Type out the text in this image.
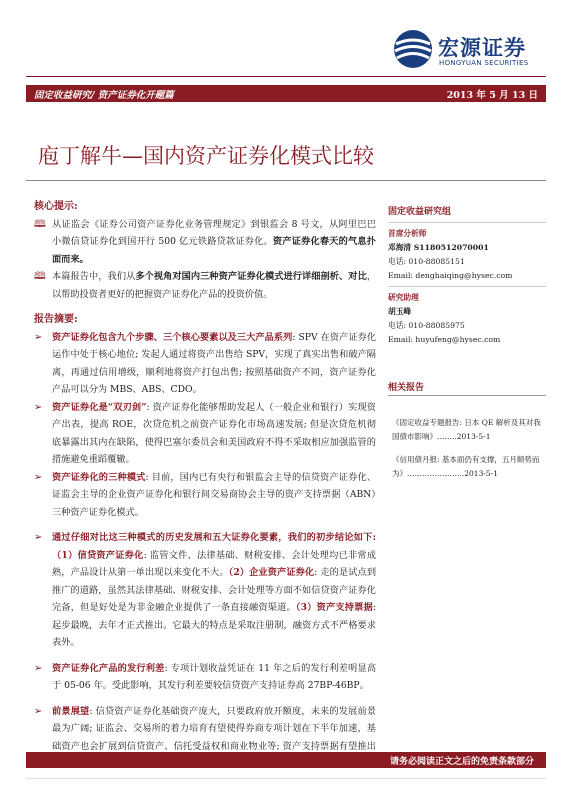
宏源证券
HONGYUAN SECURITIES
固定收益研究/ 资产证券化开题篇	2013 年 5 月 13 日
庖丁解牛—国内资产证券化模式比较
核心提示:
🕮 从证监会《证券公司资产证券化业务管理规定》到银监会 8 号文，从阿里巴巴小微信贷证券化到国开行 500 亿元铁路贷款证券化。资产证券化春天的气息扑面而来。
🕮 本篇报告中，我们从多个视角对国内三种资产证券化模式进行详细剖析、对比，以帮助投资者更好的把握资产证券化产品的投资价值。
报告摘要:
➢ 资产证券化包含九个步骤、三个核心要素以及三大产品系列: SPV 在资产证券化运作中处于核心地位; 发起人通过将资产出售给 SPV，实现了真实出售和破产隔离，再通过信用增级，顺利地将资产打包出售; 按照基础资产不同，资产证券化产品可以分为 MBS、ABS、CDO。
➢ 资产证券化是“双刃剑”: 资产证券化能够帮助发起人（一般企业和银行）实现资产出表，提高 ROE，次贷危机之前资产证券化市场高速发展; 但是次贷危机彻底暴露出其内在缺陷，使得巴塞尔委员会和美国政府不得不采取相应加强监管的措施避免重蹈覆辙。
➢ 资产证券化的三种模式: 目前，国内已有央行和银监会主导的信贷资产证券化、证监会主导的企业资产证券化和银行间交易商协会主导的资产支持票据（ABN）三种资产证券化模式。
➢ 通过仔细对比这三种模式的历史发展和五大证券化要素，我们的初步结论如下: （1）信贷资产证券化: 监管文件、法律基础、财税安排、会计处理均已非常成熟，产品设计从第一单出现以来变化不大。（2）企业资产证券化: 走的是试点到推广的道路，虽然其法律基础、财税安排、会计处理等方面不如信贷资产证券化完备，但是好处是为非金融企业提供了一条直接融资渠道。（3）资产支持票据: 起步最晚，去年才正式推出。它最大的特点是采取注册制，融资方式不严格要求表外。
➢ 资产证券化产品的发行利差: 专项计划收益凭证在 11 年之后的发行利差明显高于 05-06 年。受此影响，其发行利差要较信贷资产支持证券高 27BP-46BP。
➢ 前景展望: 信贷资产证券化基础资产庞大，只要政府放开额度，未来的发展前景最为广阔; 证监会、交易所的着力培育有望使得券商专项计划在下半年加速，基础资产也会扩展到信贷资产、信托受益权和商业物业等; 资产支持票据有望推出
固定收益研究组
首席分析师
邓海清 S1180512070001
电话: 010-88085151
Email: denghaiqing@hysec.com
研究助理
胡玉峰
电话: 010-88085975
Email: huyufeng@hysec.com
相关报告
《固定收益专题报告: 日本 QE 解析及其对我国债市影响》……..2013-5-1
《信用债月报: 基本面仍有支撑，五月顺势而为》…………………..2013-5-1
请务必阅读正文之后的免责条款部分
